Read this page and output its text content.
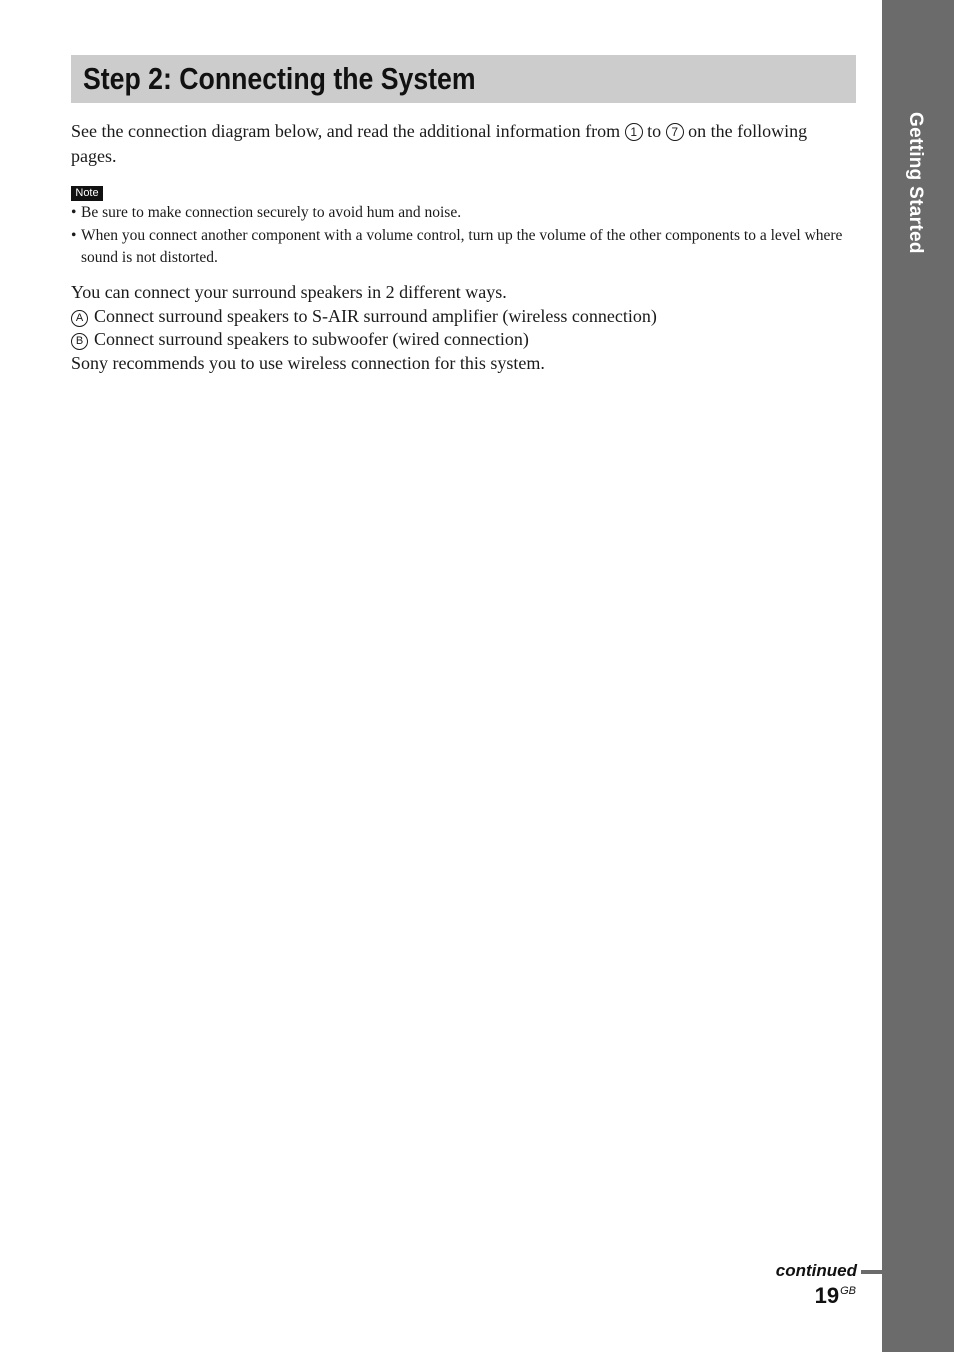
Getting Started
Step 2: Connecting the System

See the connection diagram below, and read the additional information from 1 to 7 on the following pages.

Note
• Be sure to make connection securely to avoid hum and noise.
• When you connect another component with a volume control, turn up the volume of the other components to a level where sound is not distorted.

You can connect your surround speakers in 2 different ways.

A Connect surround speakers to S-AIR surround amplifier (wireless connection)

B Connect surround speakers to subwoofer (wired connection)

Sony recommends you to use wireless connection for this system.

continued
$19^{GB}$
